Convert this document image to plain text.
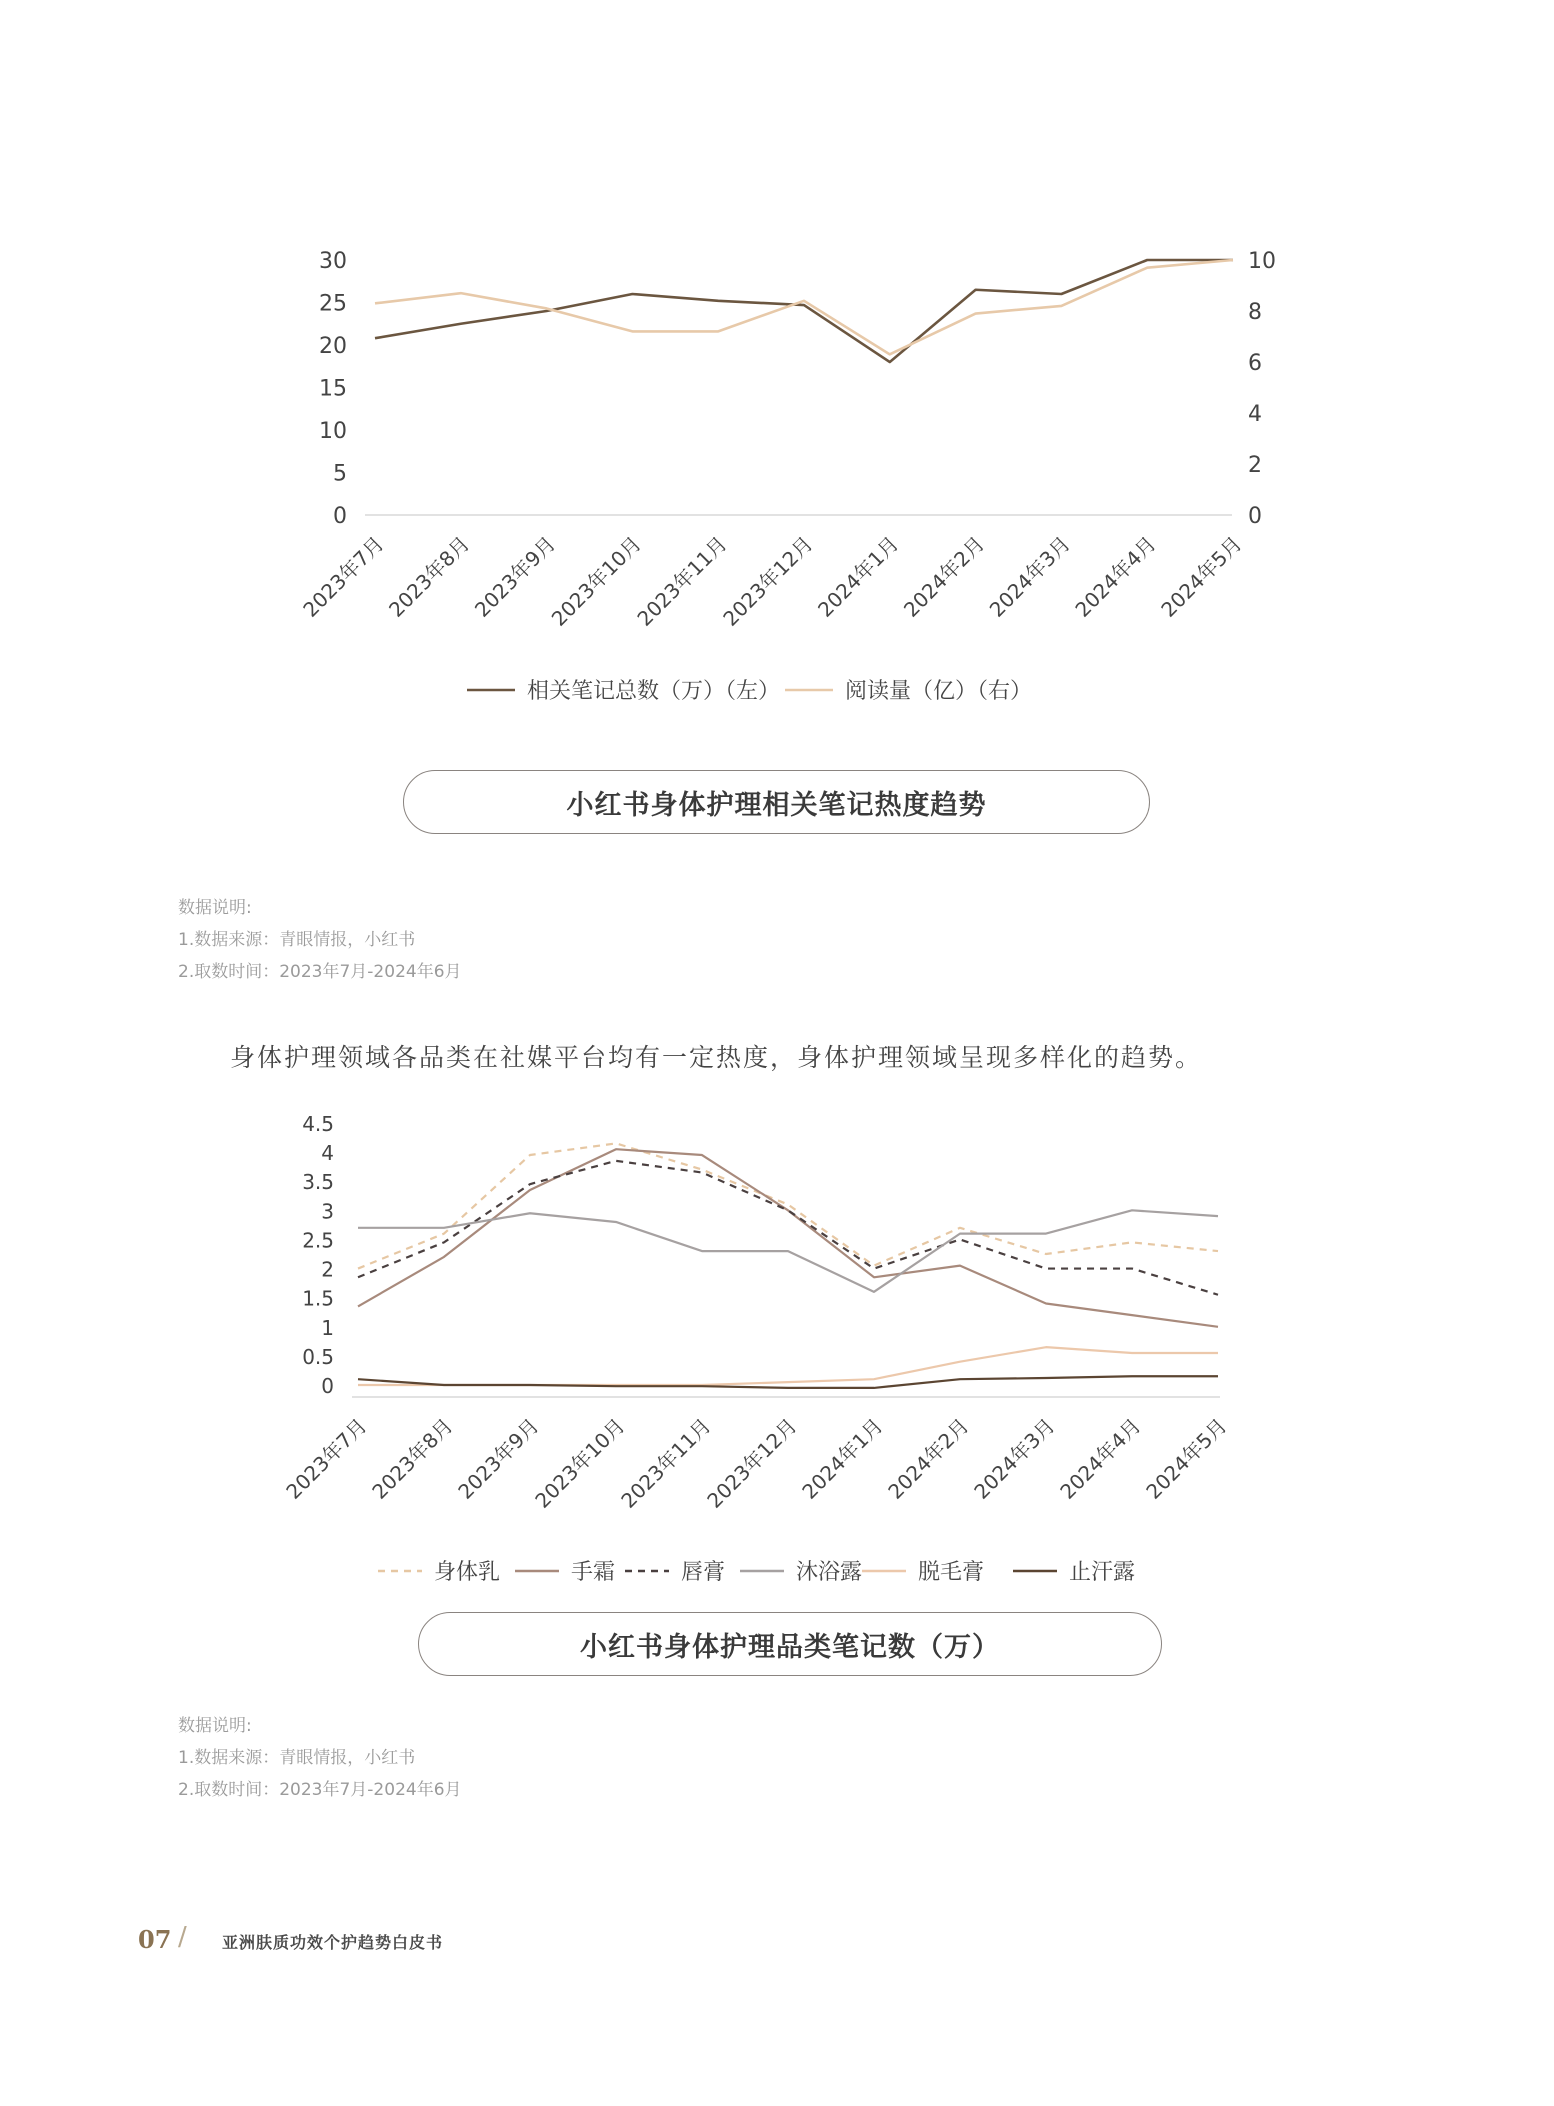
0
5
10
15
20
25
30
0
2
4
6
8
10
2023年7月
2023年8月
2023年9月
2023年10月
2023年11月
2023年12月
2024年1月
2024年2月
2024年3月
2024年4月
2024年5月
相关笔记总数（万）（左）	阅读量（亿）（右）
小红书身体护理相关笔记热度趋势
数据说明:
1.数据来源：青眼情报，小红书
2.取数时间：2023年7月-2024年6月
身体护理领域各品类在社媒平台均有一定热度，身体护理领域呈现多样化的趋势。
0
0.5
1
1.5
2
2.5
3
3.5
4
4.5
2023年7月
2023年8月
2023年9月
2023年10月
2023年11月
2023年12月
2024年1月
2024年2月
2024年3月
2024年4月
2024年5月
身体乳	手霜	唇膏	沐浴露	脱毛膏	止汗露
小红书身体护理品类笔记数（万）
数据说明:
1.数据来源：青眼情报，小红书
2.取数时间：2023年7月-2024年6月
07 / 亚洲肤质功效个护趋势白皮书
